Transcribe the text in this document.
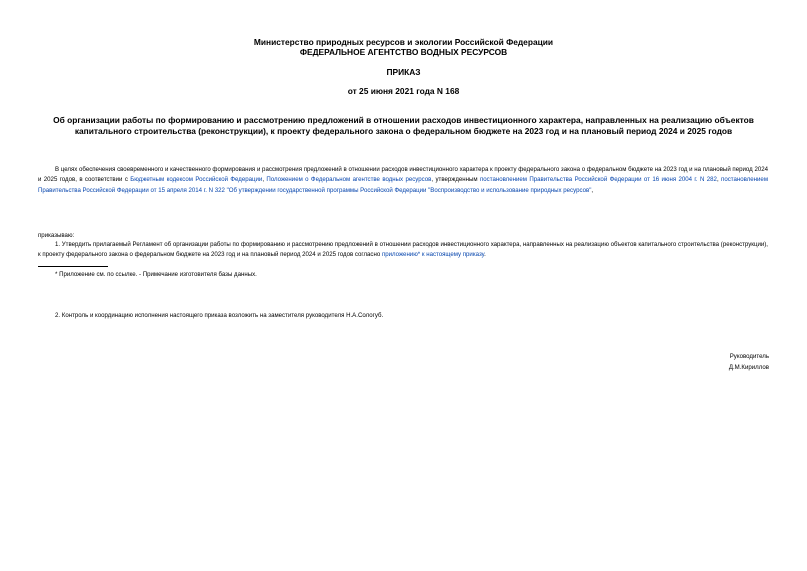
Министерство природных ресурсов и экологии Российской Федерации
ФЕДЕРАЛЬНОЕ АГЕНТСТВО ВОДНЫХ РЕСУРСОВ
ПРИКАЗ
от 25 июня 2021 года N 168
Об организации работы по формированию и рассмотрению предложений в отношении расходов инвестиционного характера, направленных на реализацию объектов капитального строительства (реконструкции), к проекту федерального закона о федеральном бюджете на 2023 год и на плановый период 2024 и 2025 годов
В целях обеспечения своевременного и качественного формирования и рассмотрения предложений в отношении расходов инвестиционного характера к проекту федерального закона о федеральном бюджете на 2023 год и на плановый период 2024 и 2025 годов, в соответствии с Бюджетным кодексом Российской Федерации, Положением о Федеральном агентстве водных ресурсов, утвержденным постановлением Правительства Российской Федерации от 16 июня 2004 г. N 282, постановлением Правительства Российской Федерации от 15 апреля 2014 г. N 322 "Об утверждении государственной программы Российской Федерации "Воспроизводство и использование природных ресурсов",
приказываю:
1. Утвердить прилагаемый Регламент об организации работы по формированию и рассмотрению предложений в отношении расходов инвестиционного характера, направленных на реализацию объектов капитального строительства (реконструкции), к проекту федерального закона о федеральном бюджете на 2023 год и на плановый период 2024 и 2025 годов согласно приложению* к настоящему приказу.
* Приложение см. по ссылке. - Примечание изготовителя базы данных.
2. Контроль и координацию исполнения настоящего приказа возложить на заместителя руководителя Н.А.Сологуб.
Руководитель
Д.М.Кириллов
